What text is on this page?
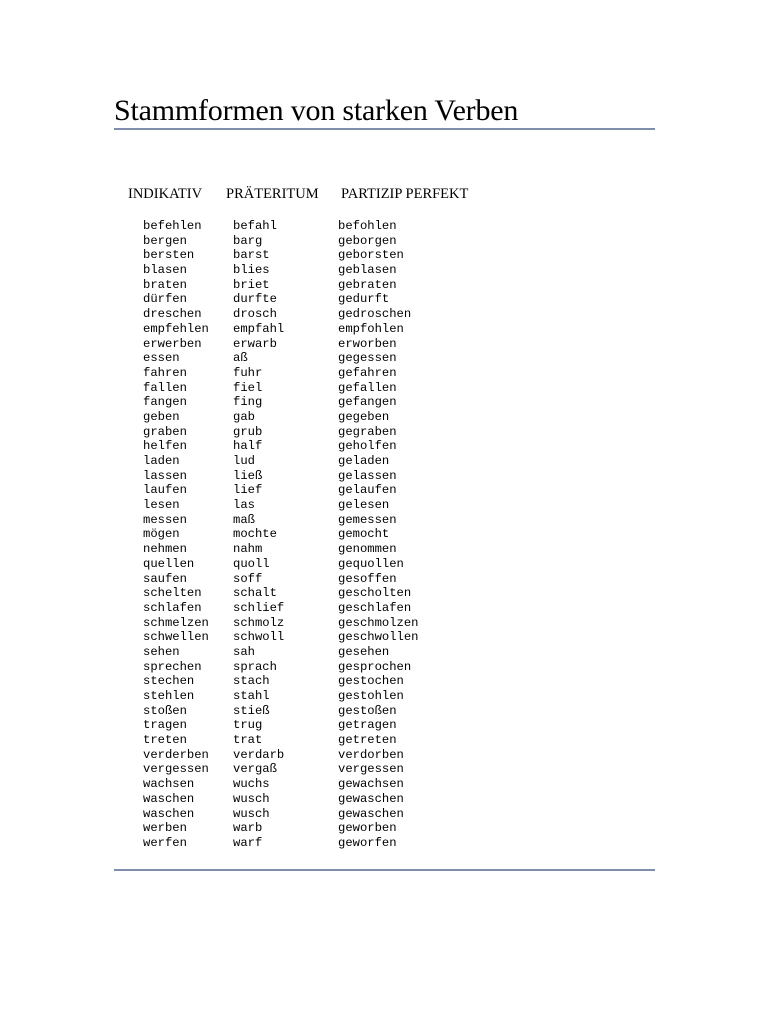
Stammformen von starken Verben
INDIKATIV PRÄTERITUM PARTIZIP PERFEKT
befehlen	befahl	befohlen
bergen	barg	geborgen
bersten	barst	geborsten
blasen	blies	geblasen
braten	briet	gebraten
dürfen	durfte	gedurft
dreschen	drosch	gedroschen
empfehlen empfahl	empfohlen
erwerben	erwarb	erworben
essen	aß	gegessen
fahren	fuhr	gefahren
fallen	fiel	gefallen
fangen	fing	gefangen
geben	gab	gegeben
graben	grub	gegraben
helfen	half	geholfen
laden	lud	geladen
lassen	ließ	gelassen
laufen	lief	gelaufen
lesen	las	gelesen
messen	maß	gemessen
mögen	mochte	gemocht
nehmen	nahm	genommen
quellen	quoll	gequollen
saufen	soff	gesoffen
schelten	schalt	gescholten
schlafen	schlief	geschlafen
schmelzen schmolz	geschmolzen
schwellen schwoll	geschwollen
sehen	sah	gesehen
sprechen	sprach	gesprochen
stechen	stach	gestochen
stehlen	stahl	gestohlen
stoßen	stieß	gestoßen
tragen	trug	getragen
treten	trat	getreten
verderben verdarb	verdorben
vergessen vergaß	vergessen
wachsen	wuchs	gewachsen
waschen	wusch	gewaschen
waschen	wusch	gewaschen
werben	warb	geworben
werfen	warf	geworfen
